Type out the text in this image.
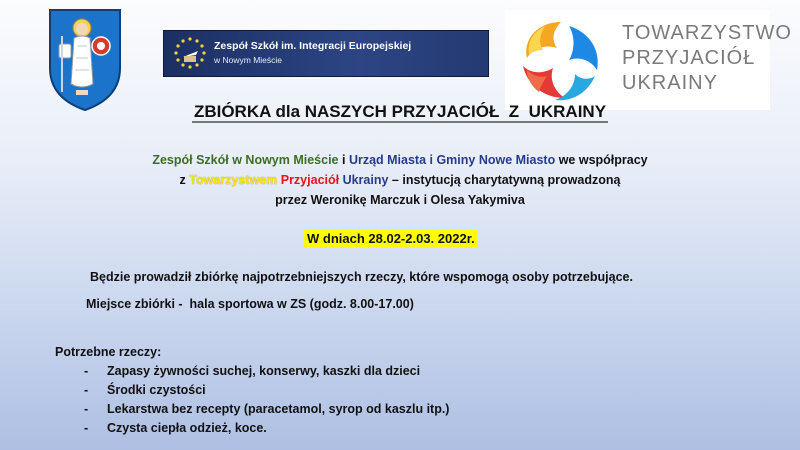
Zespół Szkół im. Integracji Europejskiej
w Nowym Mieście
TOWARZYSTWO
PRZYJACIÓŁ
UKRAINY
ZBIÓRKA dla NASZYCH PRZYJACIÓŁ  Z  UKRAINY
Zespół Szkół w Nowym Mieście i Urząd Miasta i Gminy Nowe Miasto we współpracy
z Towarzystwem Przyjaciół Ukrainy – instytucją charytatywną prowadzoną
przez Weronikę Marczuk i Olesa Yakymiva
W dniach 28.02-2.03. 2022r.
Będzie prowadził zbiórkę najpotrzebniejszych rzeczy, które wspomogą osoby potrzebujące.
Miejsce zbiórki -  hala sportowa w ZS (godz. 8.00-17.00)
Potrzebne rzeczy:
- Zapasy żywności suchej, konserwy, kaszki dla dzieci
- Środki czystości
- Lekarstwa bez recepty (paracetamol, syrop od kaszlu itp.)
- Czysta ciepła odzież, koce.
